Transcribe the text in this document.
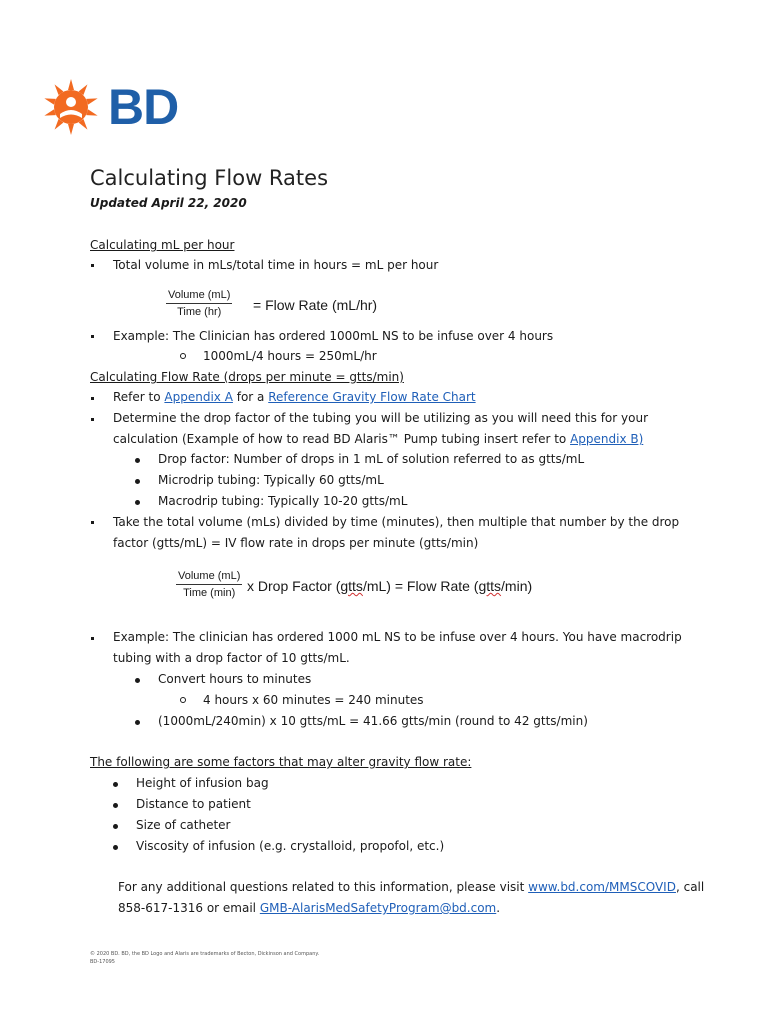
BD
Calculating Flow Rates
Updated April 22, 2020
Calculating mL per hour
Total volume in mLs/total time in hours = mL per hour
Volume (mL)
Time (hr)	= Flow Rate (mL/hr)
Example: The Clinician has ordered 1000mL NS to be infuse over 4 hours
1000mL/4 hours = 250mL/hr
Calculating Flow Rate (drops per minute = gtts/min)
Refer to Appendix A for a Reference Gravity Flow Rate Chart
Determine the drop factor of the tubing you will be utilizing as you will need this for your
calculation (Example of how to read BD Alaris™ Pump tubing insert refer to Appendix B)
Drop factor: Number of drops in 1 mL of solution referred to as gtts/mL
Microdrip tubing: Typically 60 gtts/mL
Macrodrip tubing: Typically 10-20 gtts/mL
Take the total volume (mLs) divided by time (minutes), then multiple that number by the drop
factor (gtts/mL) = IV flow rate in drops per minute (gtts/min)
Volume (mL)
Time (min) x Drop Factor (gtts/mL) = Flow Rate (gtts/min)
Example: The clinician has ordered 1000 mL NS to be infuse over 4 hours. You have macrodrip
tubing with a drop factor of 10 gtts/mL.
Convert hours to minutes
4 hours x 60 minutes = 240 minutes
(1000mL/240min) x 10 gtts/mL = 41.66 gtts/min (round to 42 gtts/min)
The following are some factors that may alter gravity flow rate:
Height of infusion bag
Distance to patient
Size of catheter
Viscosity of infusion (e.g. crystalloid, propofol, etc.)
For any additional questions related to this information, please visit www.bd.com/MMSCOVID, call
858-617-1316 or email GMB-AlarisMedSafetyProgram@bd.com.
© 2020 BD. BD, the BD Logo and Alaris are trademarks of Becton, Dickinson and Company.
BD-17095
